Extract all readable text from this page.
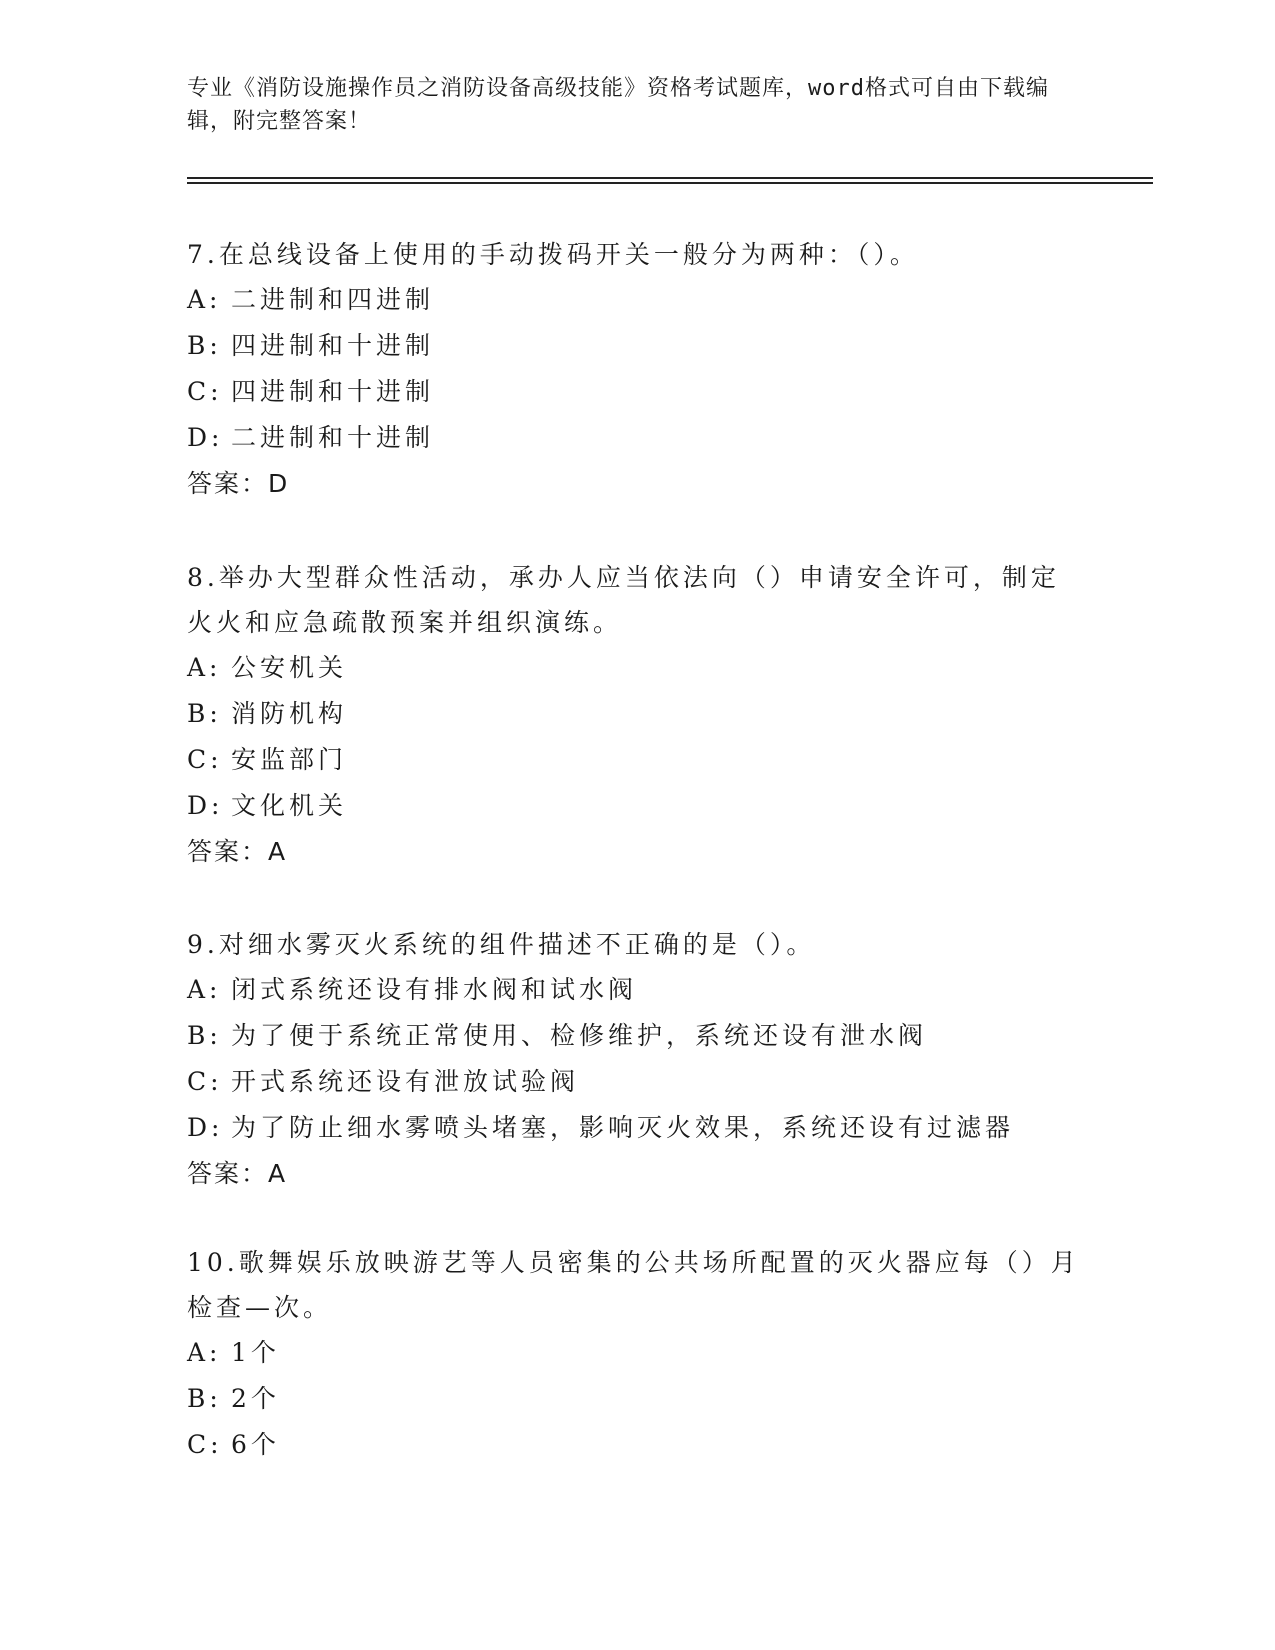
专业《消防设施操作员之消防设备高级技能》资格考试题库，word格式可自由下载编辑，附完整答案！
7.在总线设备上使用的手动拨码开关一般分为两种：（）。
A: 二进制和四进制
B: 四进制和十进制
C: 四进制和十进制
D: 二进制和十进制
答案：D
8.举办大型群众性活动，承办人应当依法向（）申请安全许可，制定火火和应急疏散预案并组织演练。
A: 公安机关
B: 消防机构
C: 安监部门
D: 文化机关
答案：A
9.对细水雾灭火系统的组件描述不正确的是（）。
A: 闭式系统还设有排水阀和试水阀
B: 为了便于系统正常使用、检修维护，系统还设有泄水阀
C: 开式系统还设有泄放试验阀
D: 为了防止细水雾喷头堵塞，影响灭火效果，系统还设有过滤器
答案：A
10.歌舞娱乐放映游艺等人员密集的公共场所配置的灭火器应每（）月检查—次。
A: 1个
B: 2个
C: 6个
